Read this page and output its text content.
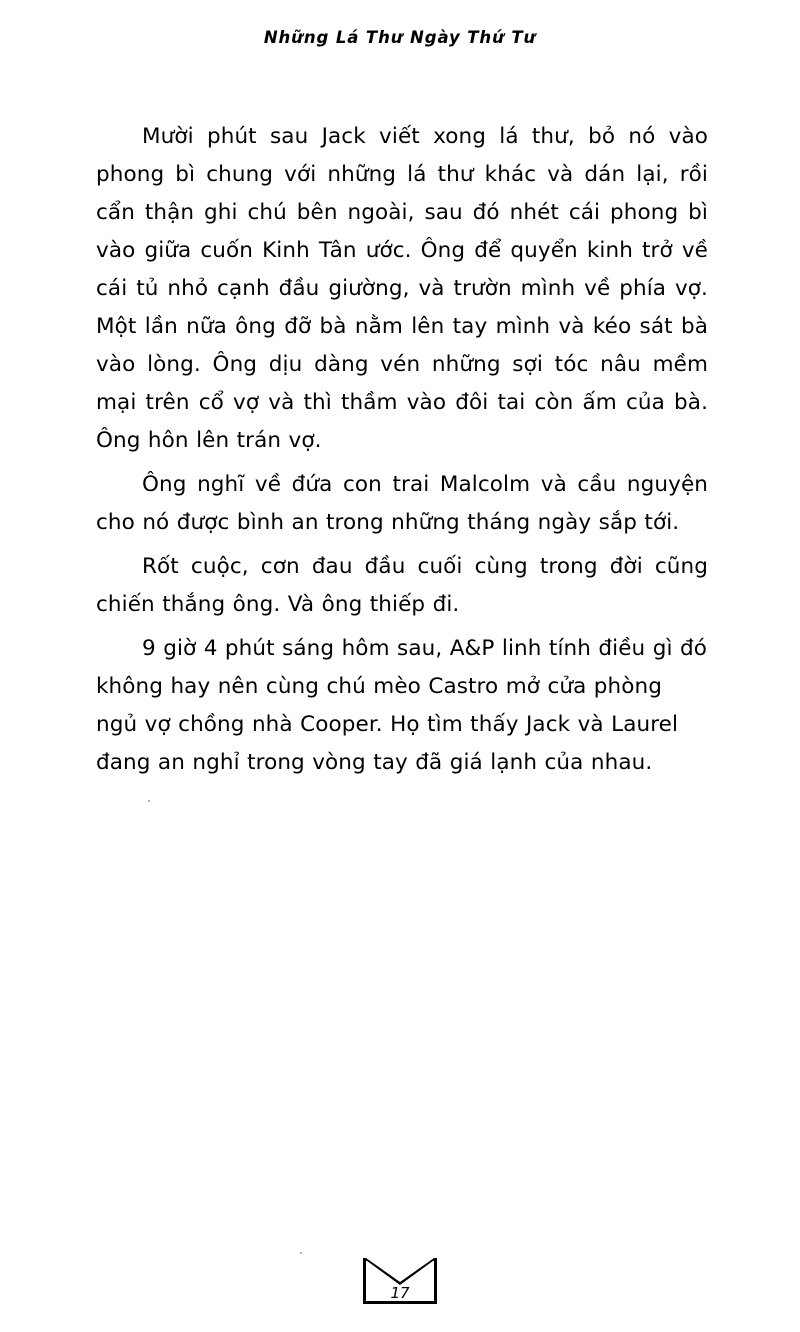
Những Lá Thư Ngày Thứ Tư

Mười phút sau Jack viết xong lá thư, bỏ nó vào phong bì chung với những lá thư khác và dán lại, rồi cẩn thận ghi chú bên ngoài, sau đó nhét cái phong bì vào giữa cuốn Kinh Tân ước. Ông để quyển kinh trở về cái tủ nhỏ cạnh đầu giường, và trườn mình về phía vợ. Một lần nữa ông đỡ bà nằm lên tay mình và kéo sát bà vào lòng. Ông dịu dàng vén những sợi tóc nâu mềm mại trên cổ vợ và thì thầm vào đôi tai còn ấm của bà. Ông hôn lên trán vợ.

Ông nghĩ về đứa con trai Malcolm và cầu nguyện cho nó được bình an trong những tháng ngày sắp tới.

Rốt cuộc, cơn đau đầu cuối cùng trong đời cũng chiến thắng ông. Và ông thiếp đi.

9 giờ 4 phút sáng hôm sau, A&P linh tính điều gì đó không hay nên cùng chú mèo Castro mở cửa phòng ngủ vợ chồng nhà Cooper. Họ tìm thấy Jack và Laurel đang an nghỉ trong vòng tay đã giá lạnh của nhau.

17
